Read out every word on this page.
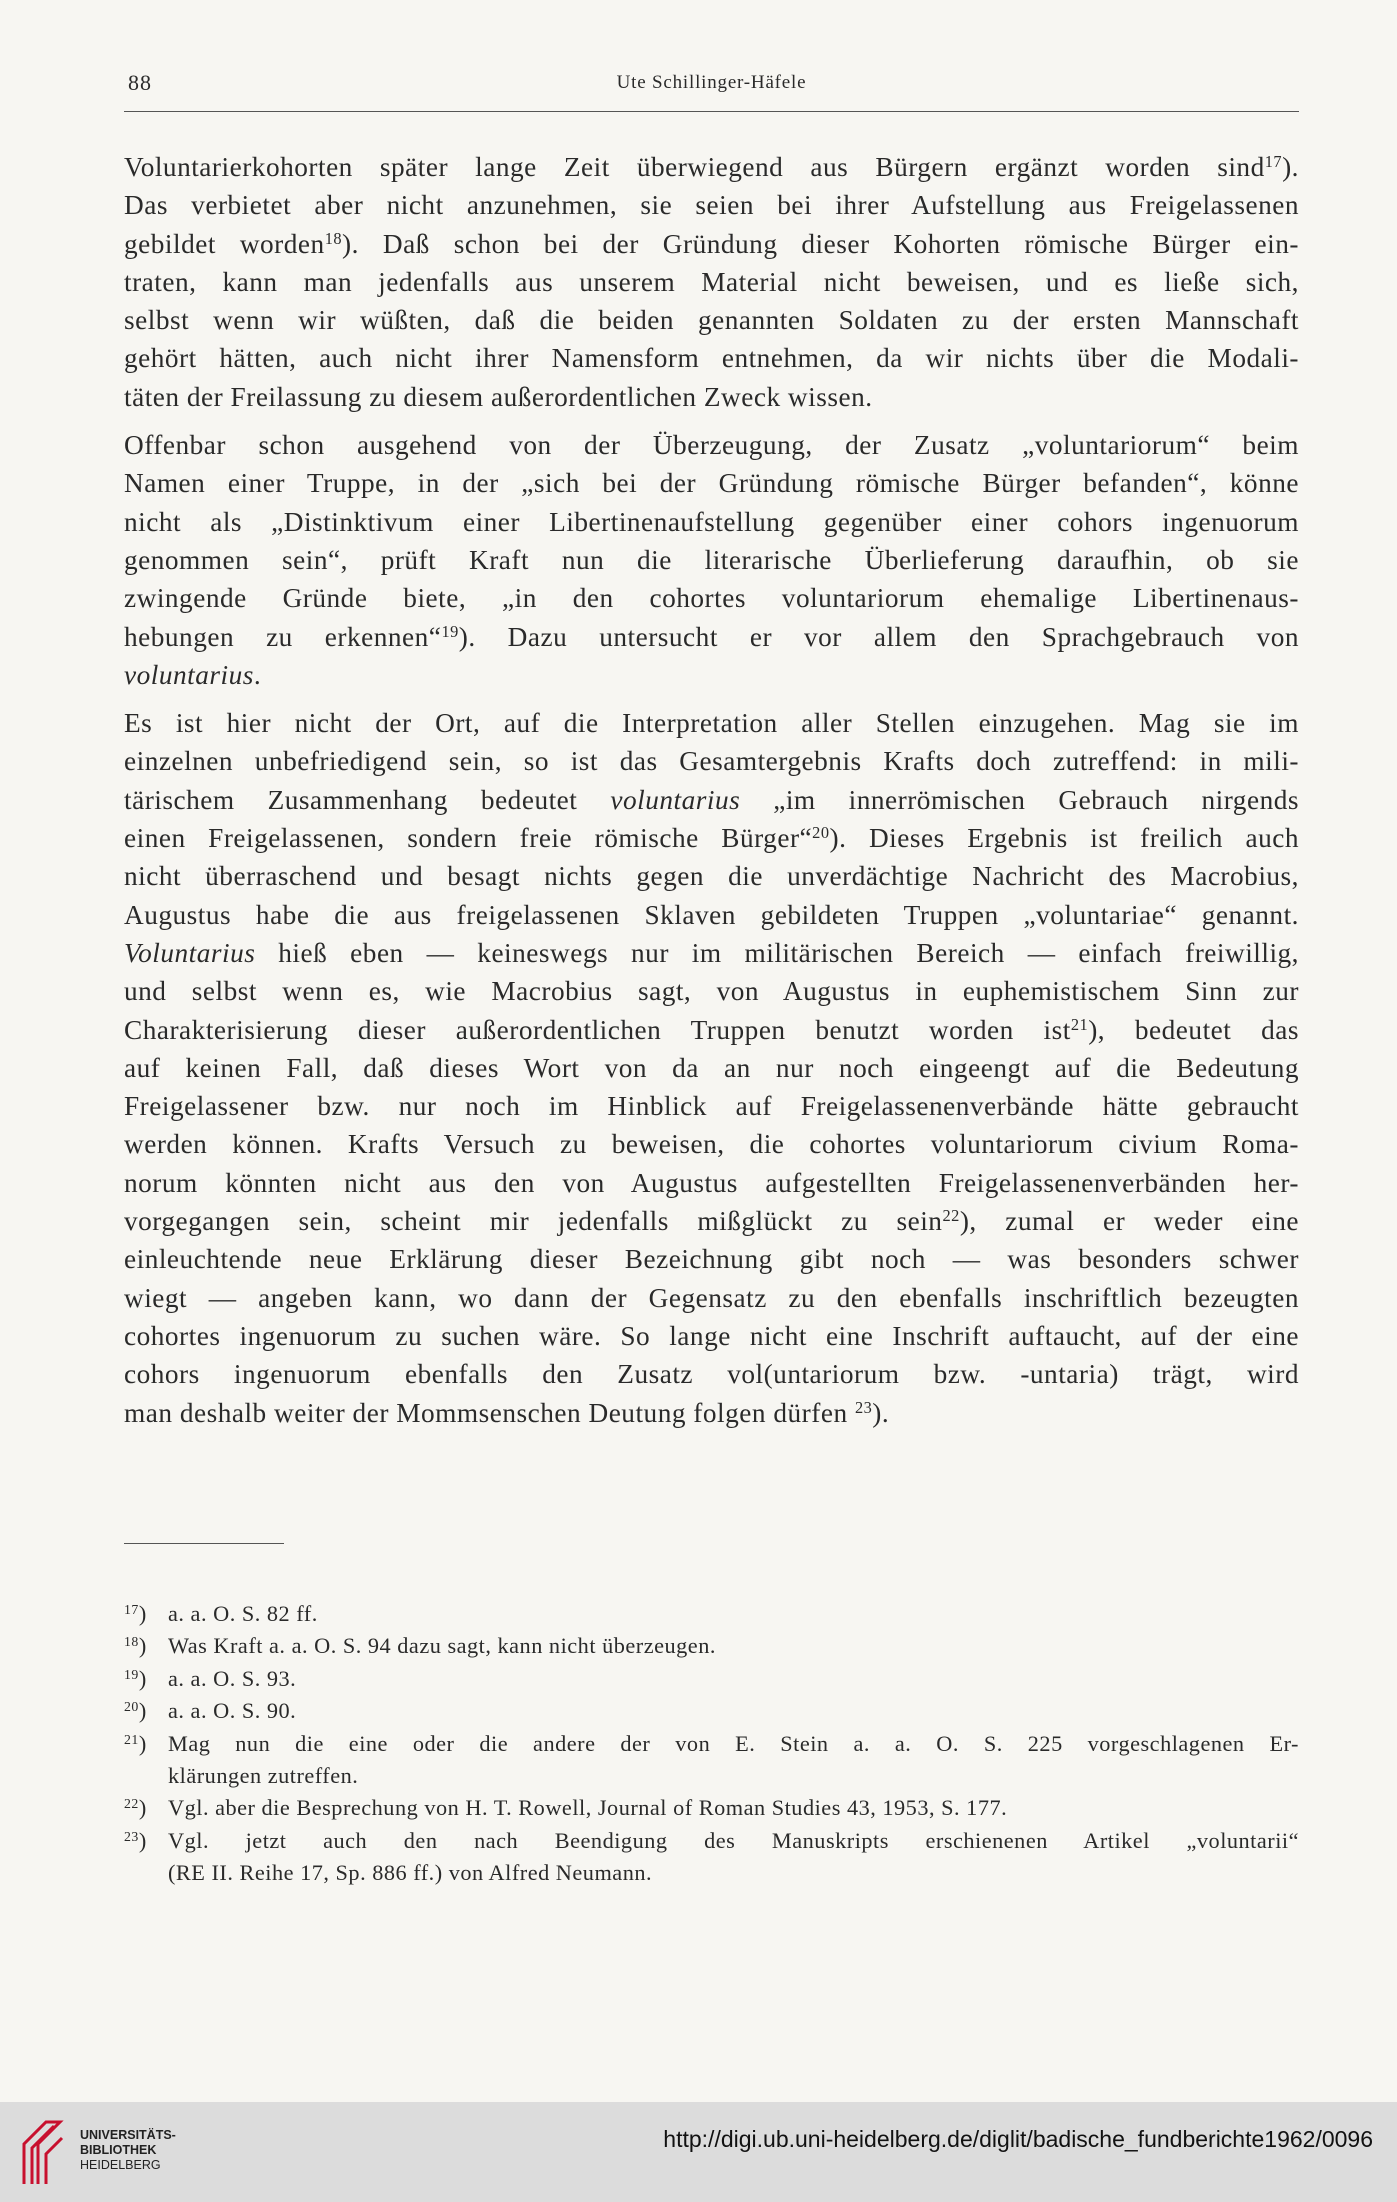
88	Ute Schillinger-Häfele
Voluntarierkohorten später lange Zeit überwiegend aus Bürgern ergänzt worden sind$^{17}$).
Das verbietet aber nicht anzunehmen, sie seien bei ihrer Aufstellung aus Freigelassenen
gebildet worden$^{18}$). Daß schon bei der Gründung dieser Kohorten römische Bürger ein-
traten, kann man jedenfalls aus unserem Material nicht beweisen, und es ließe sich,
selbst wenn wir wüßten, daß die beiden genannten Soldaten zu der ersten Mannschaft
gehört hätten, auch nicht ihrer Namensform entnehmen, da wir nichts über die Modali-
täten der Freilassung zu diesem außerordentlichen Zweck wissen.
Offenbar schon ausgehend von der Überzeugung, der Zusatz „voluntariorum“ beim
Namen einer Truppe, in der „sich bei der Gründung römische Bürger befanden“, könne
nicht als „Distinktivum einer Libertinenaufstellung gegenüber einer cohors ingenuorum
genommen sein“, prüft Kraft nun die literarische Überlieferung daraufhin, ob sie
zwingende Gründe biete, „in den cohortes voluntariorum ehemalige Libertinenaus-
hebungen zu erkennen“$^{19}$). Dazu untersucht er vor allem den Sprachgebrauch von
voluntarius.
Es ist hier nicht der Ort, auf die Interpretation aller Stellen einzugehen. Mag sie im
einzelnen unbefriedigend sein, so ist das Gesamtergebnis Krafts doch zutreffend: in mili-
tärischem Zusammenhang bedeutet voluntarius „im innerrömischen Gebrauch nirgends
einen Freigelassenen, sondern freie römische Bürger“$^{20}$). Dieses Ergebnis ist freilich auch
nicht überraschend und besagt nichts gegen die unverdächtige Nachricht des Macrobius,
Augustus habe die aus freigelassenen Sklaven gebildeten Truppen „voluntariae“ genannt.
Voluntarius hieß eben — keineswegs nur im militärischen Bereich — einfach freiwillig,
und selbst wenn es, wie Macrobius sagt, von Augustus in euphemistischem Sinn zur
Charakterisierung dieser außerordentlichen Truppen benutzt worden ist$^{21}$), bedeutet das
auf keinen Fall, daß dieses Wort von da an nur noch eingeengt auf die Bedeutung
Freigelassener bzw. nur noch im Hinblick auf Freigelassenenverbände hätte gebraucht
werden können. Krafts Versuch zu beweisen, die cohortes voluntariorum civium Roma-
norum könnten nicht aus den von Augustus aufgestellten Freigelassenenverbänden her-
vorgegangen sein, scheint mir jedenfalls mißglückt zu sein$^{22}$), zumal er weder eine
einleuchtende neue Erklärung dieser Bezeichnung gibt noch — was besonders schwer
wiegt — angeben kann, wo dann der Gegensatz zu den ebenfalls inschriftlich bezeugten
cohortes ingenuorum zu suchen wäre. So lange nicht eine Inschrift auftaucht, auf der eine
cohors ingenuorum ebenfalls den Zusatz vol(untariorum bzw. -untaria) trägt, wird
man deshalb weiter der Mommsenschen Deutung folgen dürfen $^{23}$).
$^{17}$) a. a. O. S. 82 ff.
$^{18}$) Was Kraft a. a. O. S. 94 dazu sagt, kann nicht überzeugen.
$^{19}$) a. a. O. S. 93.
$^{20}$) a. a. O. S. 90.
$^{21}$) Mag nun die eine oder die andere der von E. Stein a. a. O. S. 225 vorgeschlagenen Er-
klärungen zutreffen.
$^{22}$) Vgl. aber die Besprechung von H. T. Rowell, Journal of Roman Studies 43, 1953, S. 177.
$^{23}$) Vgl. jetzt auch den nach Beendigung des Manuskripts erschienenen Artikel „voluntarii“
(RE II. Reihe 17, Sp. 886 ff.) von Alfred Neumann.
UNIVERSITÄTS-
BIBLIOTHEK
HEIDELBERG
http://digi.ub.uni-heidelberg.de/diglit/badische_fundberichte1962/0096
